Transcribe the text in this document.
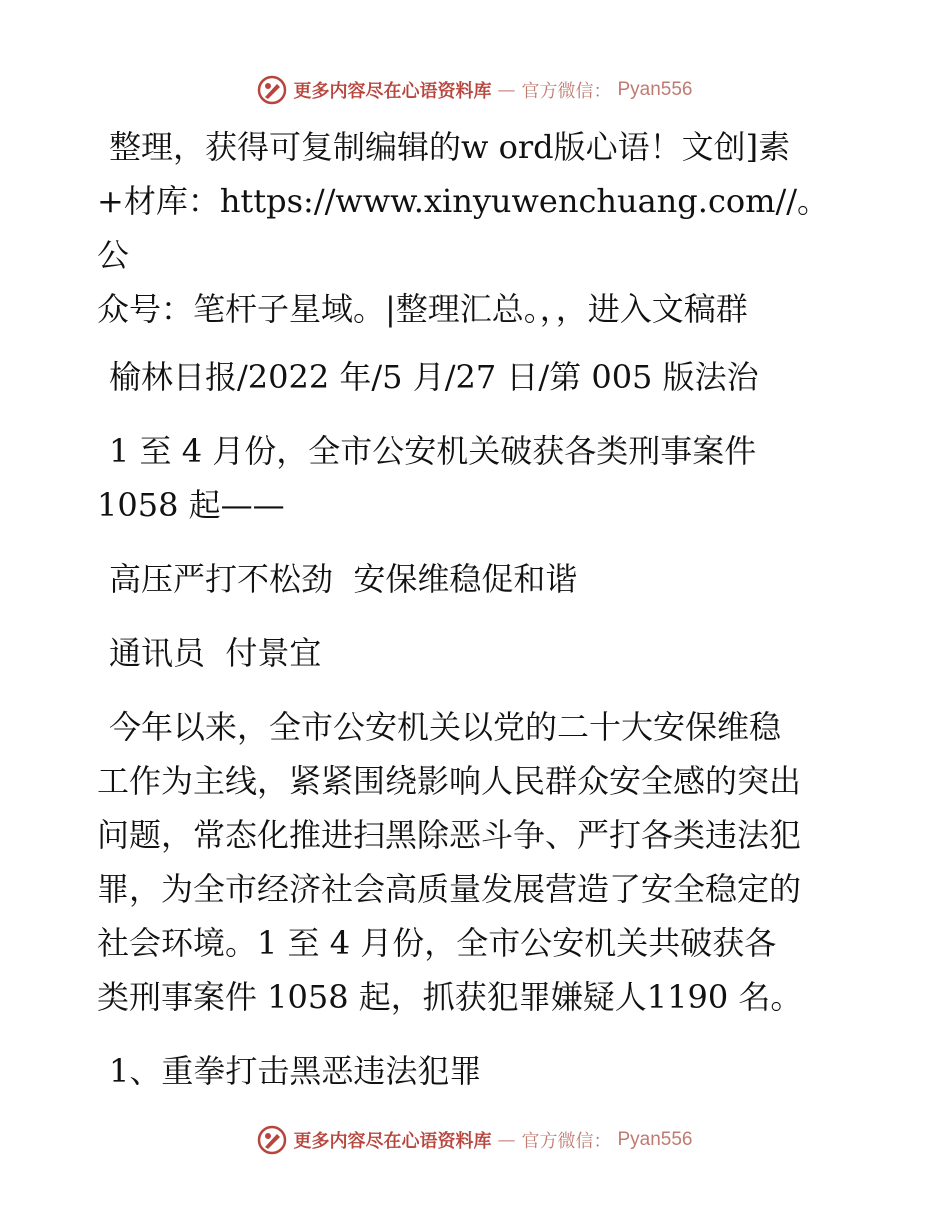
更多内容尽在心语资料库 — 官方微信： Pyan556

整理，获得可复制编辑的w ord版心语！文创]素

+材库：https://www.xinyuwenchuang.com//。公

众号：笔杆子星域。|整理汇总。，，进入文稿群

榆林日报/2022 年/5 月/27 日/第 005 版法治

1 至 4 月份，全市公安机关破获各类刑事案件

1058 起——

高压严打不松劲  安保维稳促和谐

通讯员  付景宜

今年以来，全市公安机关以党的二十大安保维稳

工作为主线，紧紧围绕影响人民群众安全感的突出

问题，常态化推进扫黑除恶斗争、严打各类违法犯

罪，为全市经济社会高质量发展营造了安全稳定的

社会环境。1 至 4 月份，全市公安机关共破获各

类刑事案件 1058 起，抓获犯罪嫌疑人1190 名。

1、重拳打击黑恶违法犯罪

更多内容尽在心语资料库 — 官方微信： Pyan556
